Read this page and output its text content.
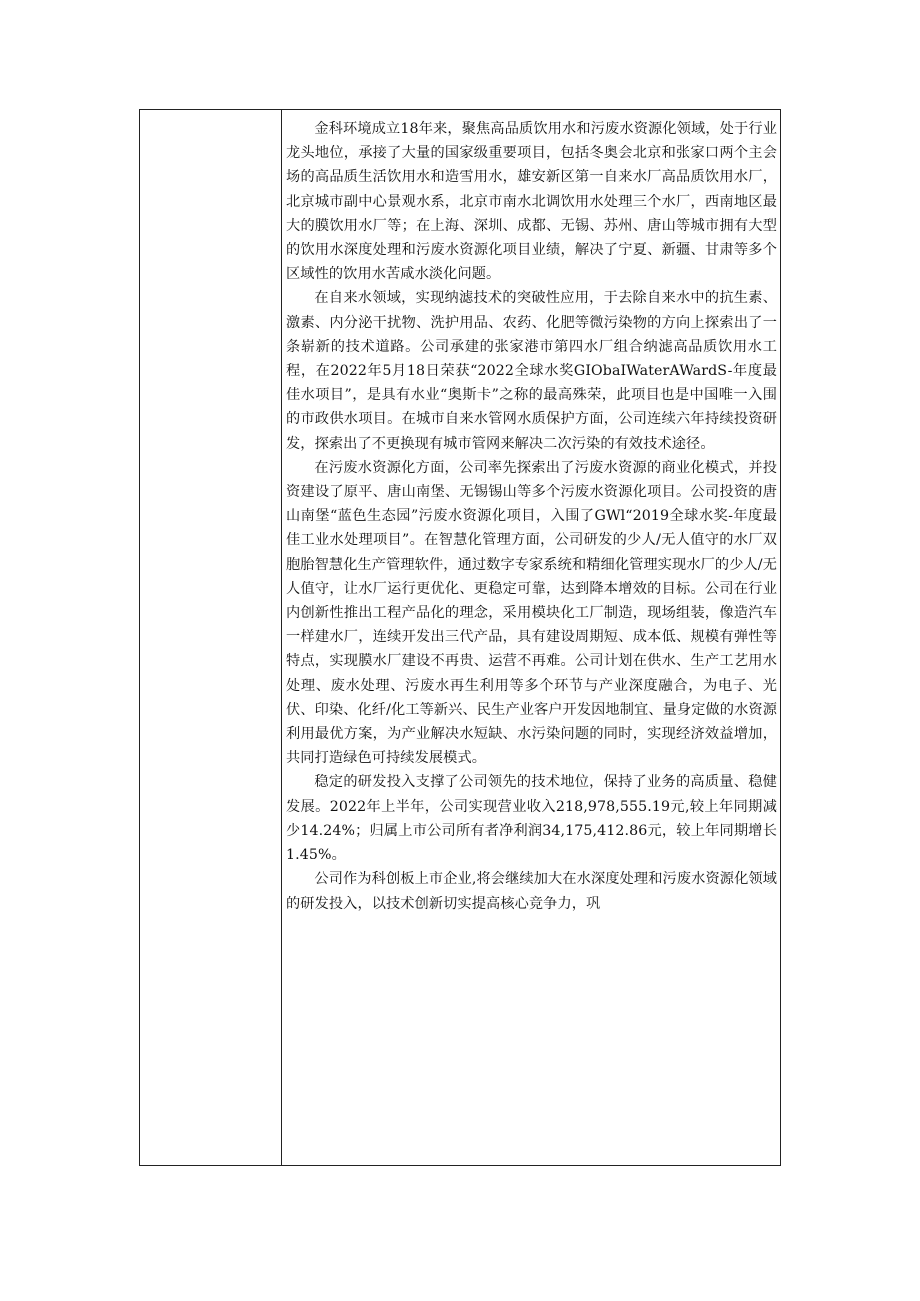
金科环境成立18年来，聚焦高品质饮用水和污废水资源化领域，处于行业龙头地位，承接了大量的国家级重要项目，包括冬奥会北京和张家口两个主会场的高品质生活饮用水和造雪用水，雄安新区第一自来水厂高品质饮用水厂，北京城市副中心景观水系，北京市南水北调饮用水处理三个水厂，西南地区最大的膜饮用水厂等；在上海、深圳、成都、无锡、苏州、唐山等城市拥有大型的饮用水深度处理和污废水资源化项目业绩，解决了宁夏、新疆、甘肃等多个区域性的饮用水苦咸水淡化问题。

在自来水领域，实现纳滤技术的突破性应用，于去除自来水中的抗生素、激素、内分泌干扰物、洗护用品、农药、化肥等微污染物的方向上探索出了一条崭新的技术道路。公司承建的张家港市第四水厂组合纳滤高品质饮用水工程，在2022年5月18日荣获“2022全球水奖GIObaIWaterAWardS-年度最佳水项目”，是具有水业“奥斯卡”之称的最高殊荣，此项目也是中国唯一入围的市政供水项目。在城市自来水管网水质保护方面，公司连续六年持续投资研发，探索出了不更换现有城市管网来解决二次污染的有效技术途径。

在污废水资源化方面，公司率先探索出了污废水资源的商业化模式，并投资建设了原平、唐山南堡、无锡锡山等多个污废水资源化项目。公司投资的唐山南堡“蓝色生态园”污废水资源化项目，入围了GWl“2019全球水奖-年度最佳工业水处理项目”。在智慧化管理方面，公司研发的少人/无人值守的水厂双胞胎智慧化生产管理软件，通过数字专家系统和精细化管理实现水厂的少人/无人值守，让水厂运行更优化、更稳定可靠，达到降本增效的目标。公司在行业内创新性推出工程产品化的理念，采用模块化工厂制造，现场组装，像造汽车一样建水厂，连续开发出三代产品，具有建设周期短、成本低、规模有弹性等特点，实现膜水厂建设不再贵、运营不再难。公司计划在供水、生产工艺用水处理、废水处理、污废水再生利用等多个环节与产业深度融合，为电子、光伏、印染、化纤/化工等新兴、民生产业客户开发因地制宜、量身定做的水资源利用最优方案，为产业解决水短缺、水污染问题的同时，实现经济效益增加，共同打造绿色可持续发展模式。

稳定的研发投入支撑了公司领先的技术地位，保持了业务的高质量、稳健发展。2022年上半年，公司实现营业收入218,978,555.19元,较上年同期减少14.24%；归属上市公司所有者净利润34,175,412.86元，较上年同期增长1.45%。

公司作为科创板上市企业,将会继续加大在水深度处理和污废水资源化领域的研发投入，以技术创新切实提高核心竞争力，巩
